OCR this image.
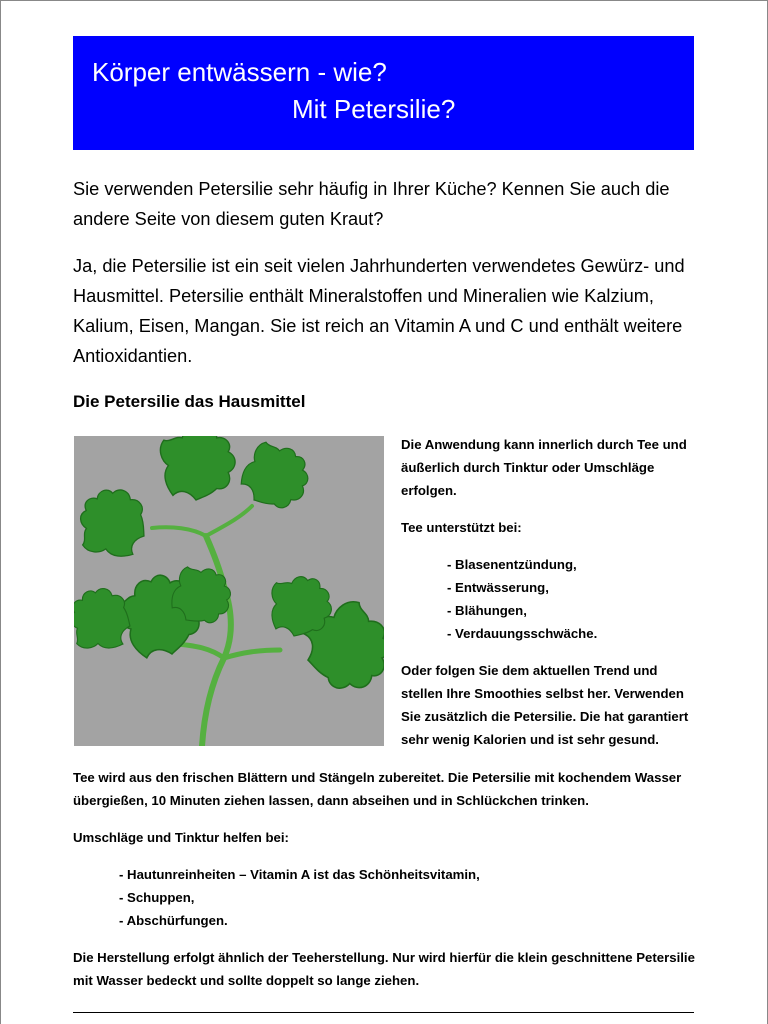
Körper entwässern - wie?
Mit Petersilie?

Sie verwenden Petersilie sehr häufig in Ihrer Küche? Kennen Sie auch die andere Seite von diesem guten Kraut?

Ja, die Petersilie ist ein seit vielen Jahrhunderten verwendetes Gewürz- und Hausmittel. Petersilie enthält Mineralstoffen und Mineralien wie Kalzium, Kalium, Eisen, Mangan. Sie ist reich an Vitamin A und C und enthält weitere Antioxidantien.

Die Petersilie das Hausmittel

Die Anwendung kann innerlich durch Tee und äußerlich durch Tinktur oder Umschläge erfolgen.

Tee unterstützt bei:

- Blasenentzündung,
- Entwässerung,
- Blähungen,
- Verdauungsschwäche.

Oder folgen Sie dem aktuellen Trend und stellen Ihre Smoothies selbst her. Verwenden Sie zusätzlich die Petersilie. Die hat garantiert sehr wenig Kalorien und ist sehr gesund.

Tee wird aus den frischen Blättern und Stängeln zubereitet. Die Petersilie mit kochendem Wasser übergießen, 10 Minuten ziehen lassen, dann abseihen und in Schlückchen trinken.

Umschläge und Tinktur helfen bei:

- Hautunreinheiten – Vitamin A ist das Schönheitsvitamin,
- Schuppen,
- Abschürfungen.

Die Herstellung erfolgt ähnlich der Teeherstellung. Nur wird hierfür die klein geschnittene Petersilie mit Wasser bedeckt und sollte doppelt so lange ziehen.
